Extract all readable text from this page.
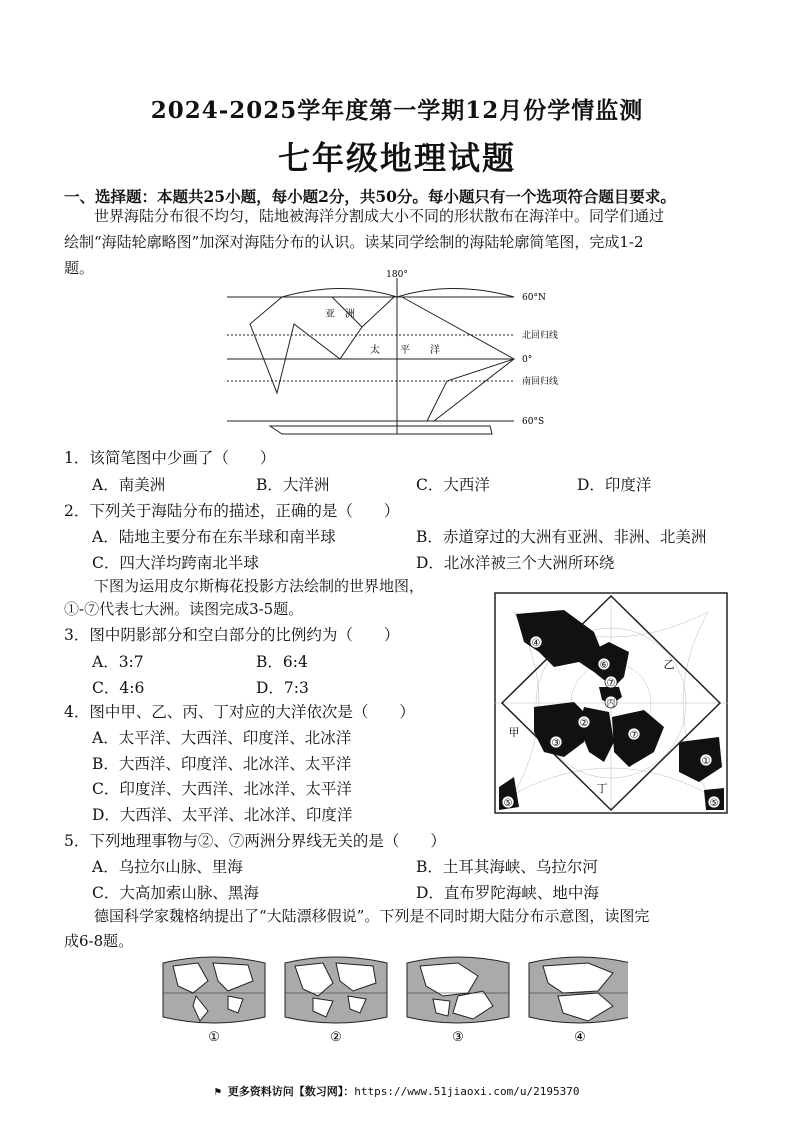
2024-2025学年度第一学期12月份学情监测
七年级地理试题
一、选择题：本题共25小题，每小题2分，共50分。每小题只有一个选项符合题目要求。
世界海陆分布很不均匀，陆地被海洋分割成大小不同的形状散布在海洋中。同学们通过
绘制“海陆轮廓略图”加深对海陆分布的认识。读某同学绘制的海陆轮廓简笔图，完成1-2
题。	180°
60°N
北回归线
0°
南回归线
60°S
亚　洲
太　　平　　洋
1．该简笔图中少画了（　　）
A．南美洲	B．大洋洲	C．大西洋	D．印度洋
2．下列关于海陆分布的描述，正确的是（　　）
A．陆地主要分布在东半球和南半球	B．赤道穿过的大洲有亚洲、非洲、北美洲
C．四大洋均跨南北半球	D．北冰洋被三个大洲所环绕
下图为运用皮尔斯梅花投影方法绘制的世界地图，
①-⑦代表七大洲。读图完成3-5题。
④
⑥
⑦
②
③
⑦
①
⑤	⑤
丙
乙
甲
丁
3．图中阴影部分和空白部分的比例约为（　　）
A．3:7	B．6:4
C．4:6	D．7:3
4．图中甲、乙、丙、丁对应的大洋依次是（　　）
A．太平洋、大西洋、印度洋、北冰洋
B．大西洋、印度洋、北冰洋、太平洋
C．印度洋、大西洋、北冰洋、太平洋
D．大西洋、太平洋、北冰洋、印度洋
5．下列地理事物与②、⑦两洲分界线无关的是（　　）
A．乌拉尔山脉、里海	B．土耳其海峡、乌拉尔河
C．大高加索山脉、黑海	D．直布罗陀海峡、地中海
德国科学家魏格纳提出了“大陆漂移假说”。下列是不同时期大陆分布示意图，读图完
成6-8题。
①	②	③	④
⚑ 更多资料访问【数习网】：https://www.51jiaoxi.com/u/2195370
